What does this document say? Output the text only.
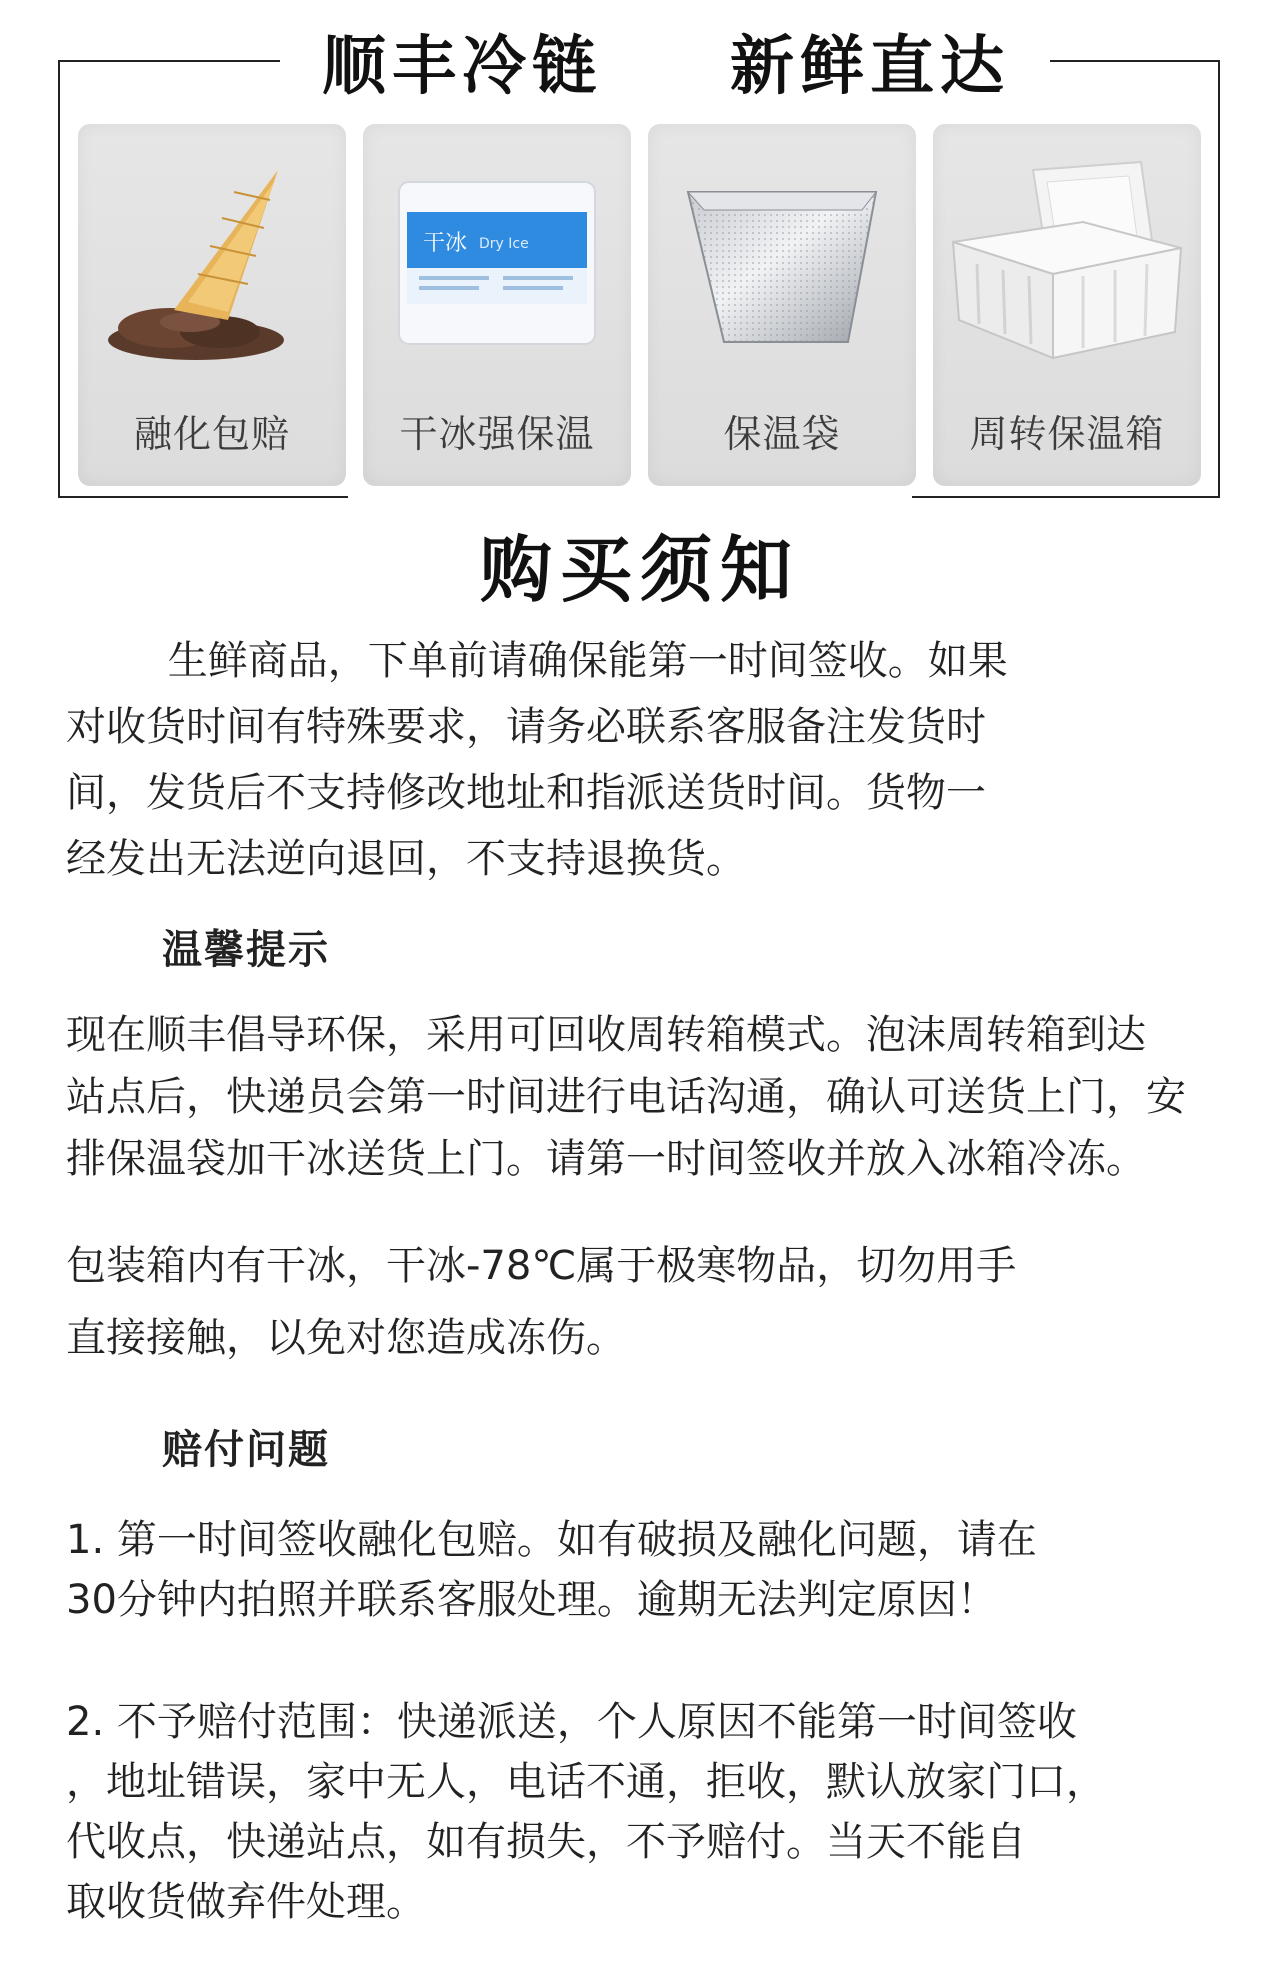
顺丰冷链 新鲜直达
融化包赔
干冰 Dry Ice
干冰强保温	保温袋	周转保温箱
购买须知
生鲜商品，下单前请确保能第一时间签收。如果
对收货时间有特殊要求，请务必联系客服备注发货时
间，发货后不支持修改地址和指派送货时间。货物一
经发出无法逆向退回，不支持退换货。
温馨提示
现在顺丰倡导环保，采用可回收周转箱模式。泡沫周转箱到达
站点后，快递员会第一时间进行电话沟通，确认可送货上门，安
排保温袋加干冰送货上门。请第一时间签收并放入冰箱冷冻。
包装箱内有干冰，干冰-78℃属于极寒物品，切勿用手
直接接触，以免对您造成冻伤。
赔付问题
1. 第一时间签收融化包赔。如有破损及融化问题，请在
30分钟内拍照并联系客服处理。逾期无法判定原因！
2. 不予赔付范围：快递派送，个人原因不能第一时间签收
，地址错误，家中无人，电话不通，拒收，默认放家门口，
代收点，快递站点，如有损失，不予赔付。当天不能自
取收货做弃件处理。
